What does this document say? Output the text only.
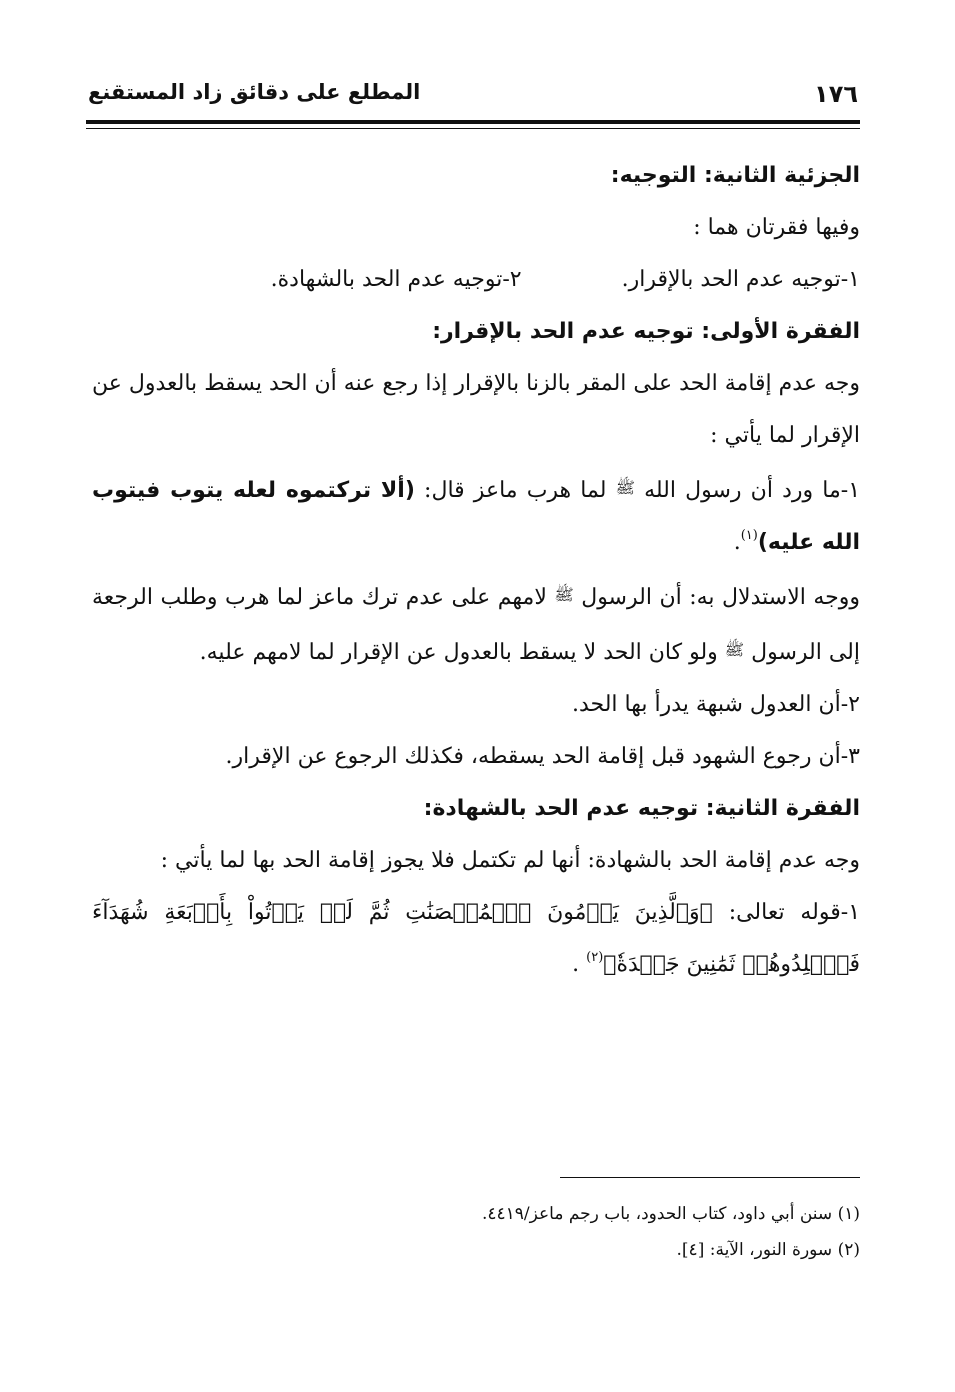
١٧٦
المطلع على دقائق زاد المستقنع
الجزئية الثانية: التوجيه:
وفيها فقرتان هما :
١-توجيه عدم الحد بالإقرار.
٢-توجيه عدم الحد بالشهادة.
الفقرة الأولى: توجيه عدم الحد بالإقرار:
وجه عدم إقامة الحد على المقر بالزنا بالإقرار إذا رجع عنه أن الحد يسقط بالعدول عن الإقرار لما يأتي :
١-ما ورد أن رسول الله ﷺ لما هرب ماعز قال: (ألا تركتموه لعله يتوب فيتوب الله عليه)$^{(١)}$.
ووجه الاستدلال به: أن الرسول ﷺ لامهم على عدم ترك ماعز لما هرب وطلب الرجعة إلى الرسول ﷺ ولو كان الحد لا يسقط بالعدول عن الإقرار لما لامهم عليه.
٢-أن العدول شبهة يدرأ بها الحد.
٣-أن رجوع الشهود قبل إقامة الحد يسقطه، فكذلك الرجوع عن الإقرار.
الفقرة الثانية: توجيه عدم الحد بالشهادة:
وجه عدم إقامة الحد بالشهادة: أنها لم تكتمل فلا يجوز إقامة الحد بها لما يأتي :
١-قوله تعالى: ﴿وَٱلَّذِينَ يَرۡمُونَ ٱلۡمُحۡصَنَٰتِ ثُمَّ لَمۡ يَأۡتُواْ بِأَرۡبَعَةِ شُهَدَآءَ فَٱجۡلِدُوهُمۡ ثَمَٰنِينَ جَلۡدَةٗ﴾$^{(٢)}$ .
(١) سنن أبي داود، كتاب الحدود، باب رجم ماعز/٤٤١٩.
(٢) سورة النور، الآية: [٤].
